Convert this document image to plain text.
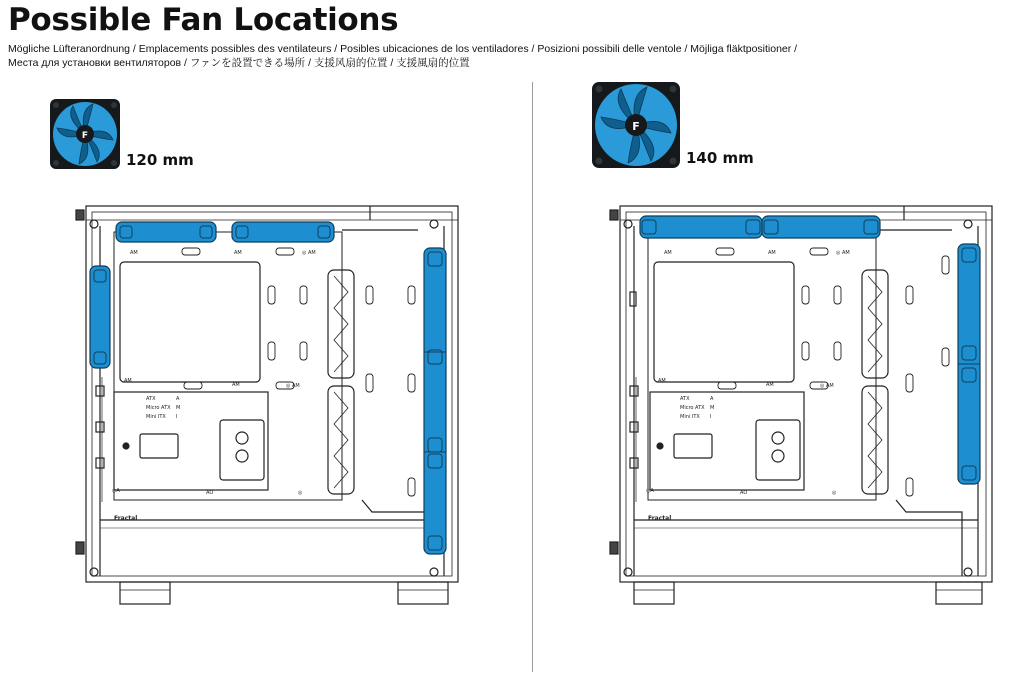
Possible Fan Locations
Mögliche Lüfteranordnung / Emplacements possibles des ventilateurs / Posibles ubicaciones de los ventiladores / Posizioni possibili delle ventole / Möjliga fläktpositioner /
Места для установки вентиляторов / ファンを設置できる場所 / 支援风扇的位置 / 支援風扇的位置
F
120 mm
AM	AM	◎ AM
AM
AM	◎ AM
ATX
Micro ATX
Mini ITX
A
M
I
○A	AO	◎
Fractal
F
140 mm
AM	AM	◎ AM
AM
AM	◎ AM
ATX
Micro ATX
Mini ITX
A
M
I
○A	AO	◎
Fractal
